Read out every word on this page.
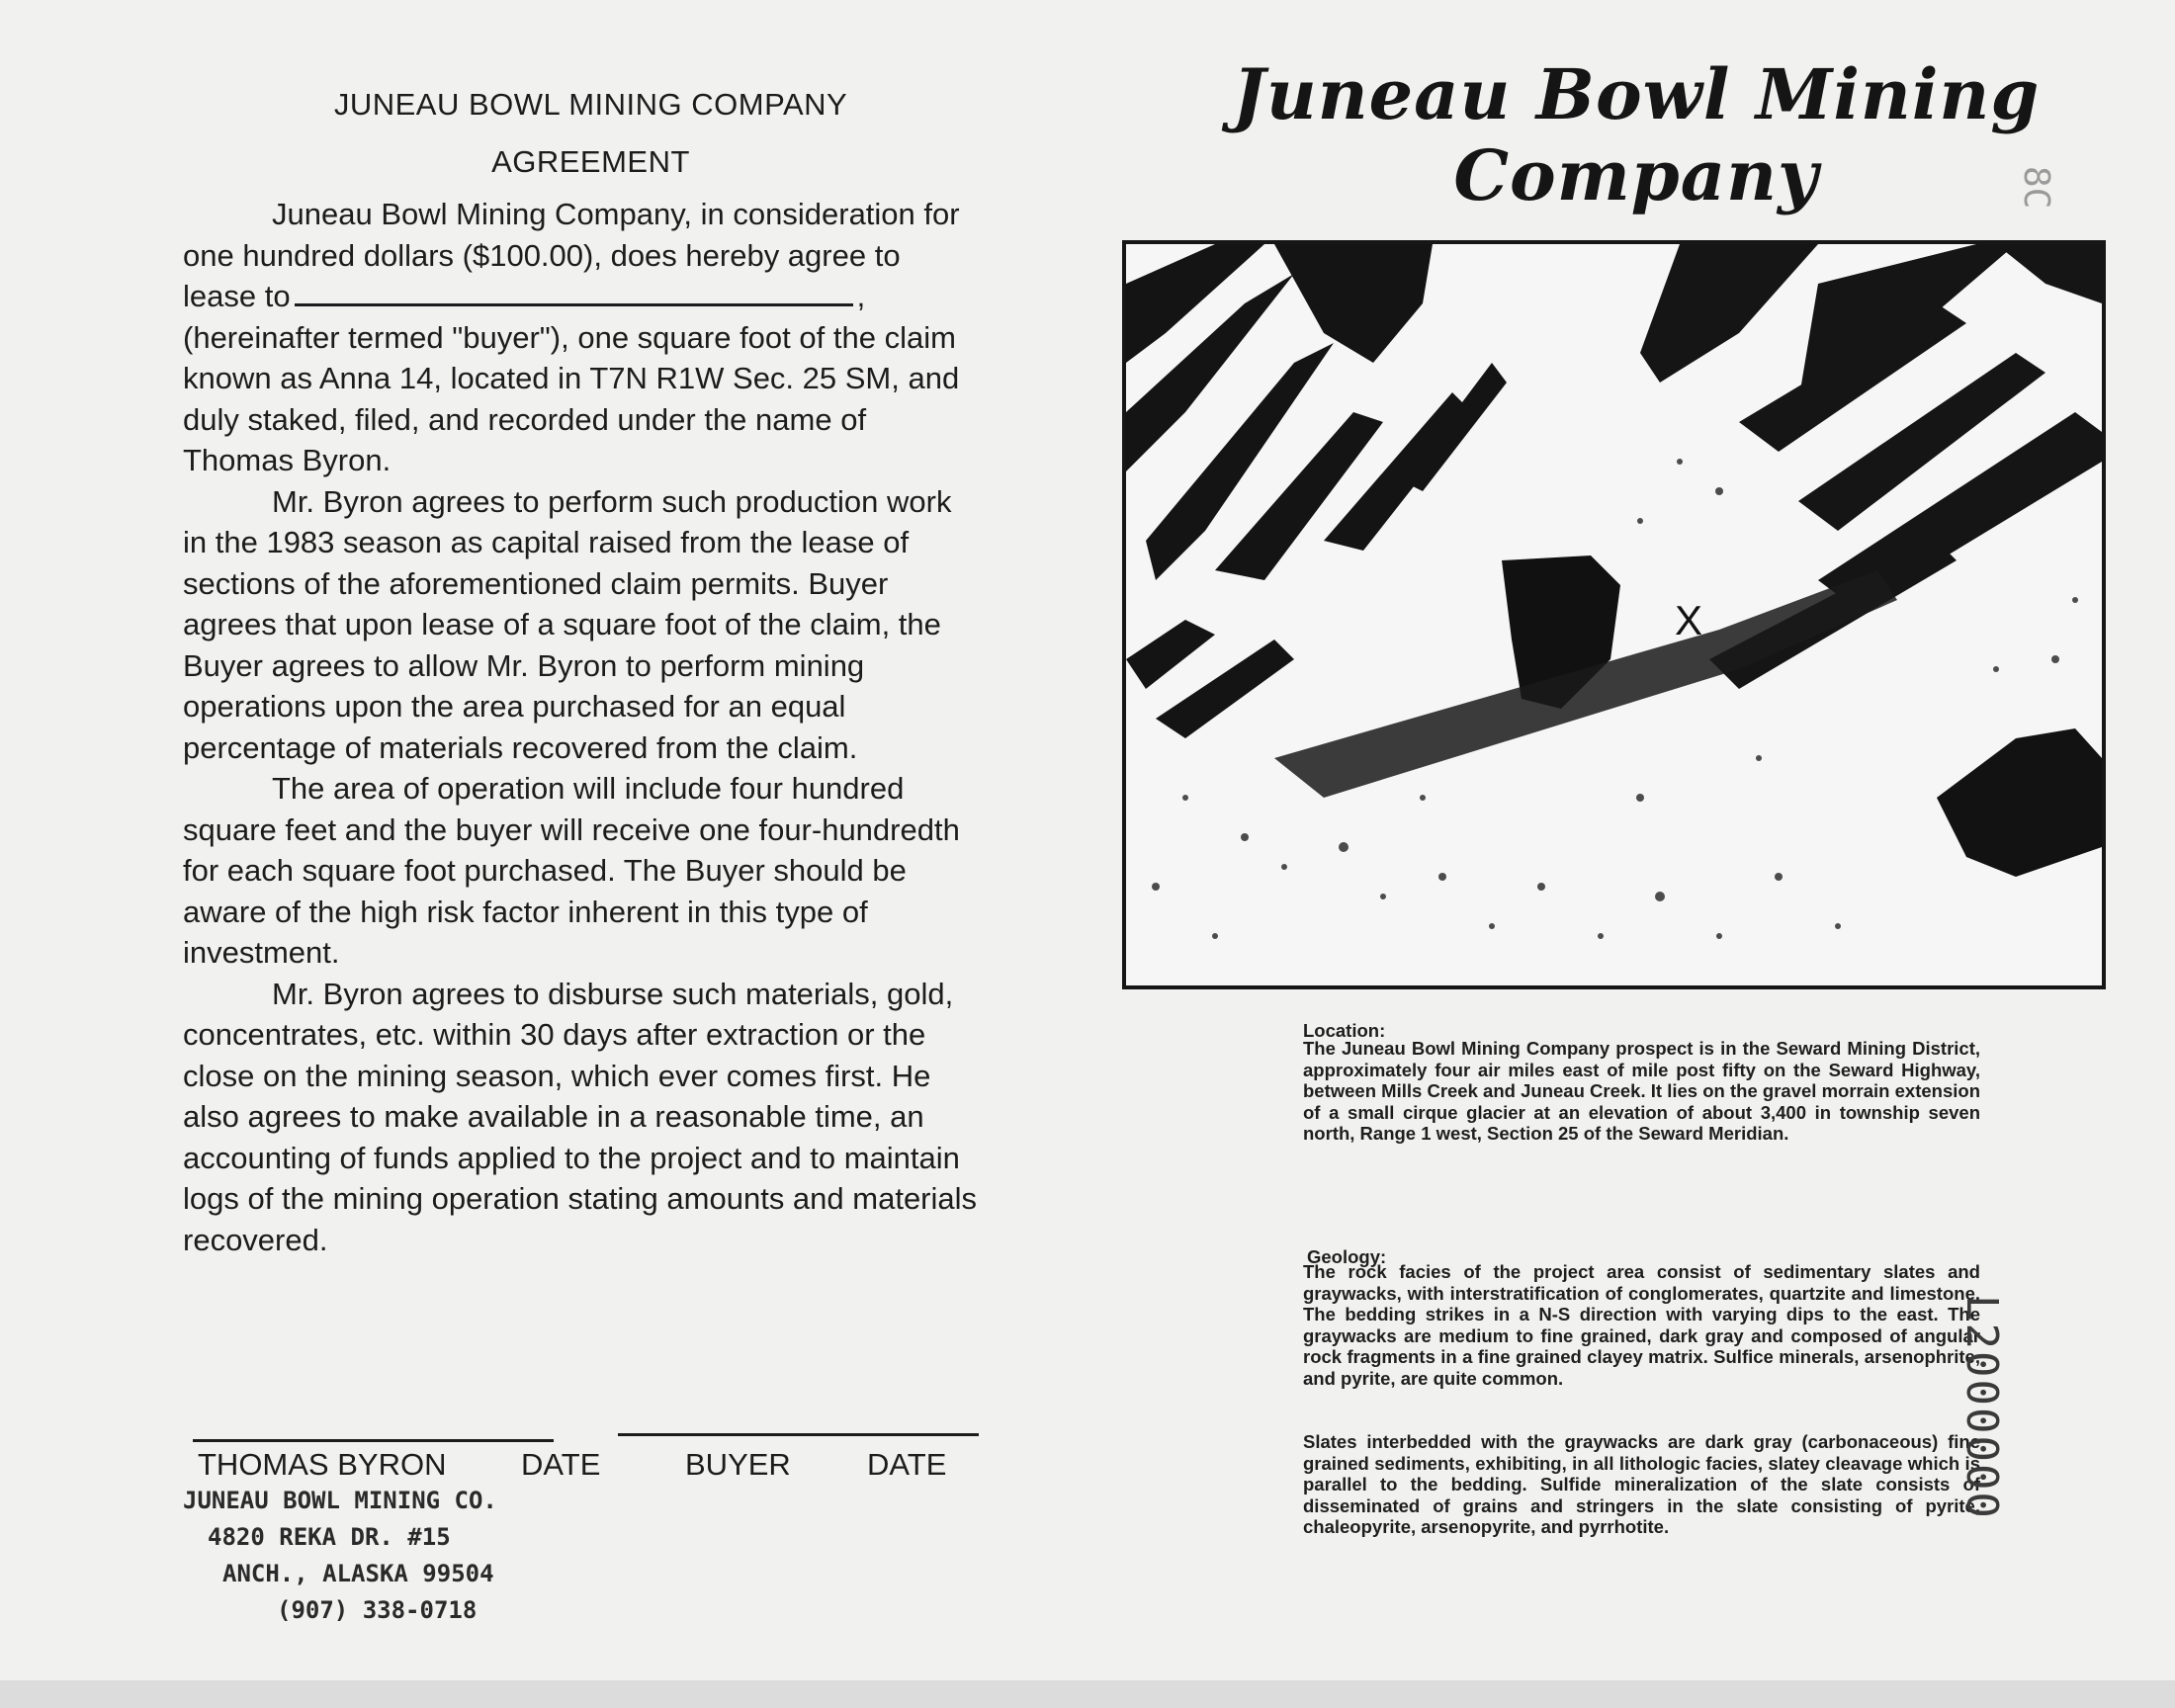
JUNEAU BOWL MINING COMPANY
AGREEMENT

Juneau Bowl Mining Company, in consideration for one hundred dollars ($100.00), does hereby agree to lease to	, (hereinafter termed "buyer"), one square foot of the claim known as Anna 14, located in T7N R1W Sec. 25 SM, and duly staked, filed, and recorded under the name of Thomas Byron.

Mr. Byron agrees to perform such production work in the 1983 season as capital raised from the lease of sections of the aforementioned claim permits. Buyer agrees that upon lease of a square foot of the claim, the Buyer agrees to allow Mr. Byron to perform mining operations upon the area purchased for an equal percentage of materials recovered from the claim.

The area of operation will include four hundred square feet and the buyer will receive one four-hundredth for each square foot purchased. The Buyer should be aware of the high risk factor inherent in this type of investment.

Mr. Byron agrees to disburse such materials, gold, concentrates, etc. within 30 days after extraction or the close on the mining season, which ever comes first. He also agrees to make available in a reasonable time, an accounting of funds applied to the project and to maintain logs of the mining operation stating amounts and materials recovered.

THOMAS BYRON DATE	BUYER DATE
JUNEAU BOWL MINING CO.
4820 REKA DR. #15
ANCH., ALASKA 99504
(907) 338-0718
Juneau Bowl Mining
Company
X
Location:

The Juneau Bowl Mining Company prospect is in the Seward Mining District, approximately four air miles east of mile post fifty on the Seward Highway, between Mills Creek and Juneau Creek. It lies on the gravel morrain extension of a small cirque glacier at an elevation of about 3,400 in township seven north, Range 1 west, Section 25 of the Seward Meridian.

Geology:

The rock facies of the project area consist of sedimentary slates and graywacks, with interstratification of conglomerates, quartzite and limestone. The bedding strikes in a N-S direction with varying dips to the east. The graywacks are medium to fine grained, dark gray and composed of angular rock fragments in a fine grained clayey matrix. Sulfice minerals, arsenophrite, and pyrite, are quite common.

Slates interbedded with the graywacks are dark gray (carbonaceous) fine grained sediments, exhibiting, in all lithologic facies, slatey cleavage which is parallel to the bedding. Sulfide mineralization of the slate consists of disseminated of grains and stringers in the slate consisting of pyrite, chaleopyrite, arsenopyrite, and pyrrhotite.

L2000000
8C
